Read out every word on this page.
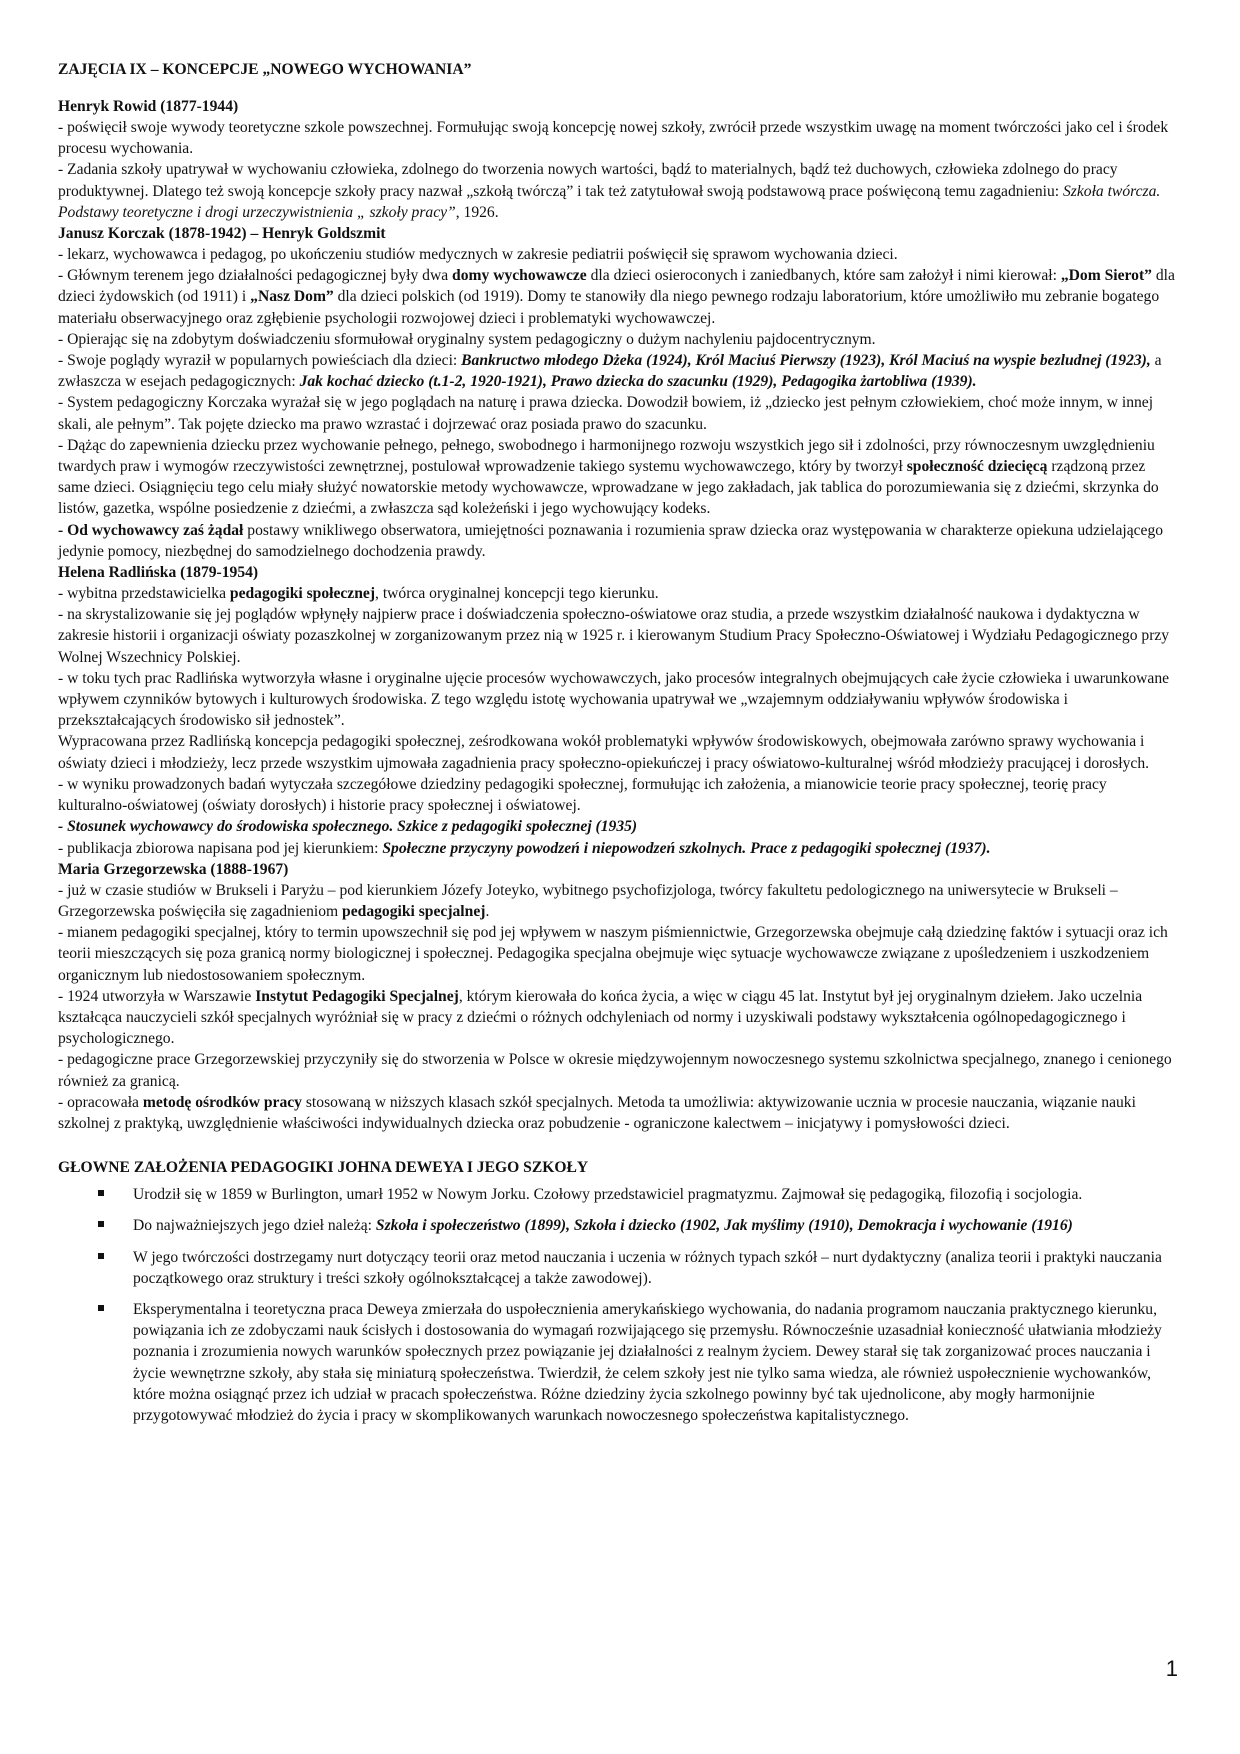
ZAJĘCIA IX – KONCEPCJE „NOWEGO WYCHOWANIA”
Henryk Rowid (1877-1944)

- poświęcił swoje wywody teoretyczne szkole powszechnej. Formułując swoją koncepcję nowej szkoły, zwrócił przede wszystkim uwagę na moment twórczości jako cel i środek procesu wychowania.

- Zadania szkoły upatrywał w wychowaniu człowieka, zdolnego do tworzenia nowych wartości, bądź to materialnych, bądź też duchowych, człowieka zdolnego do pracy produktywnej. Dlatego też swoją koncepcje szkoły pracy nazwał „szkołą twórczą” i tak też zatytułował swoją podstawową prace poświęconą temu zagadnieniu: Szkoła twórcza. Podstawy teoretyczne i drogi urzeczywistnienia „ szkoły pracy”, 1926.

Janusz Korczak (1878-1942) – Henryk Goldszmit

- lekarz, wychowawca i pedagog, po ukończeniu studiów medycznych w zakresie pediatrii poświęcił się sprawom wychowania dzieci.

- Głównym terenem jego działalności pedagogicznej były dwa domy wychowawcze dla dzieci osieroconych i zaniedbanych, które sam założył i nimi kierował: „Dom Sierot” dla dzieci żydowskich (od 1911) i „Nasz Dom” dla dzieci polskich (od 1919). Domy te stanowiły dla niego pewnego rodzaju laboratorium, które umożliwiło mu zebranie bogatego materiału obserwacyjnego oraz zgłębienie psychologii rozwojowej dzieci i problematyki wychowawczej.

- Opierając się na zdobytym doświadczeniu sformułował oryginalny system pedagogiczny o dużym nachyleniu pajdocentrycznym.

- Swoje poglądy wyraził w popularnych powieściach dla dzieci: Bankructwo młodego Dżeka (1924), Król Maciuś Pierwszy (1923), Król Maciuś na wyspie bezludnej (1923), a zwłaszcza w esejach pedagogicznych: Jak kochać dziecko (t.1-2, 1920-1921), Prawo dziecka do szacunku (1929), Pedagogika żartobliwa (1939).

- System pedagogiczny Korczaka wyrażał się w jego poglądach na naturę i prawa dziecka. Dowodził bowiem, iż „dziecko jest pełnym człowiekiem, choć może innym, w innej skali, ale pełnym”. Tak pojęte dziecko ma prawo wzrastać i dojrzewać oraz posiada prawo do szacunku.

- Dążąc do zapewnienia dziecku przez wychowanie pełnego, pełnego, swobodnego i harmonijnego rozwoju wszystkich jego sił i zdolności, przy równoczesnym uwzględnieniu twardych praw i wymogów rzeczywistości zewnętrznej, postulował wprowadzenie takiego systemu wychowawczego, który by tworzył społeczność dziecięcą rządzoną przez same dzieci. Osiągnięciu tego celu miały służyć nowatorskie metody wychowawcze, wprowadzane w jego zakładach, jak tablica do porozumiewania się z dziećmi, skrzynka do listów, gazetka, wspólne posiedzenie z dziećmi, a zwłaszcza sąd koleżeński i jego wychowujący kodeks.

- Od wychowawcy zaś żądał postawy wnikliwego obserwatora, umiejętności poznawania i rozumienia spraw dziecka oraz występowania w charakterze opiekuna udzielającego jedynie pomocy, niezbędnej do samodzielnego dochodzenia prawdy.

Helena Radlińska (1879-1954)

- wybitna przedstawicielka pedagogiki społecznej, twórca oryginalnej koncepcji tego kierunku.

- na skrystalizowanie się jej poglądów wpłynęły najpierw prace i doświadczenia społeczno-oświatowe oraz studia, a przede wszystkim działalność naukowa i dydaktyczna w zakresie historii i organizacji oświaty pozaszkolnej w zorganizowanym przez nią w 1925 r. i kierowanym Studium Pracy Społeczno-Oświatowej i Wydziału Pedagogicznego przy Wolnej Wszechnicy Polskiej.

- w toku tych prac Radlińska wytworzyła własne i oryginalne ujęcie procesów wychowawczych, jako procesów integralnych obejmujących całe życie człowieka i uwarunkowane wpływem czynników bytowych i kulturowych środowiska. Z tego względu istotę wychowania upatrywał we „wzajemnym oddziaływaniu wpływów środowiska i przekształcających środowisko sił jednostek”.

Wypracowana przez Radlińską koncepcja pedagogiki społecznej, ześrodkowana wokół problematyki wpływów środowiskowych, obejmowała zarówno sprawy wychowania i oświaty dzieci i młodzieży, lecz przede wszystkim ujmowała zagadnienia pracy społeczno-opiekuńczej i pracy oświatowo-kulturalnej wśród młodzieży pracującej i dorosłych.

- w wyniku prowadzonych badań wytyczała szczegółowe dziedziny pedagogiki społecznej, formułując ich założenia, a mianowicie teorie pracy społecznej, teorię pracy kulturalno-oświatowej (oświaty dorosłych) i historie pracy społecznej i oświatowej.

- Stosunek wychowawcy do środowiska społecznego. Szkice z pedagogiki społecznej (1935)

- publikacja zbiorowa napisana pod jej kierunkiem: Społeczne przyczyny powodzeń i niepowodzeń szkolnych. Prace z pedagogiki społecznej (1937).

Maria Grzegorzewska (1888-1967)

- już w czasie studiów w Brukseli i Paryżu – pod kierunkiem Józefy Joteyko, wybitnego psychofizjologa, twórcy fakultetu pedologicznego na uniwersytecie w Brukseli – Grzegorzewska poświęciła się zagadnieniom pedagogiki specjalnej.

- mianem pedagogiki specjalnej, który to termin upowszechnił się pod jej wpływem w naszym piśmiennictwie, Grzegorzewska obejmuje całą dziedzinę faktów i sytuacji oraz ich teorii mieszczących się poza granicą normy biologicznej i społecznej. Pedagogika specjalna obejmuje więc sytuacje wychowawcze związane z upośledzeniem i uszkodzeniem organicznym lub niedostosowaniem społecznym.

- 1924 utworzyła w Warszawie Instytut Pedagogiki Specjalnej, którym kierowała do końca życia, a więc w ciągu 45 lat. Instytut był jej oryginalnym dziełem. Jako uczelnia kształcąca nauczycieli szkół specjalnych wyróżniał się w pracy z dziećmi o różnych odchyleniach od normy i uzyskiwali podstawy wykształcenia ogólnopedagogicznego i psychologicznego.

- pedagogiczne prace Grzegorzewskiej przyczyniły się do stworzenia w Polsce w okresie międzywojennym nowoczesnego systemu szkolnictwa specjalnego, znanego i cenionego również za granicą.

- opracowała metodę ośrodków pracy stosowaną w niższych klasach szkół specjalnych. Metoda ta umożliwia: aktywizowanie ucznia w procesie nauczania, wiązanie nauki szkolnej z praktyką, uwzględnienie właściwości indywidualnych dziecka oraz pobudzenie - ograniczone kalectwem – inicjatywy i pomysłowości dzieci.

GŁOWNE ZAŁOŻENIA PEDAGOGIKI JOHNA DEWEYA I JEGO SZKOŁY
Urodził się w 1859 w Burlington, umarł 1952 w Nowym Jorku. Czołowy przedstawiciel pragmatyzmu. Zajmował się pedagogiką, filozofią i socjologia.
Do najważniejszych jego dzieł należą: Szkoła i społeczeństwo (1899), Szkoła i dziecko (1902, Jak myślimy (1910), Demokracja i wychowanie (1916)
W jego twórczości dostrzegamy nurt dotyczący teorii oraz metod nauczania i uczenia w różnych typach szkół – nurt dydaktyczny (analiza teorii i praktyki nauczania początkowego oraz struktury i treści szkoły ogólnokształcącej a także zawodowej).
Eksperymentalna i teoretyczna praca Deweya zmierzała do uspołecznienia amerykańskiego wychowania, do nadania programom nauczania praktycznego kierunku, powiązania ich ze zdobyczami nauk ścisłych i dostosowania do wymagań rozwijającego się przemysłu. Równocześnie uzasadniał konieczność ułatwiania młodzieży poznania i zrozumienia nowych warunków społecznych przez powiązanie jej działalności z realnym życiem. Dewey starał się tak zorganizować proces nauczania i życie wewnętrzne szkoły, aby stała się miniaturą społeczeństwa. Twierdził, że celem szkoły jest nie tylko sama wiedza, ale również uspołecznienie wychowanków, które można osiągnąć przez ich udział w pracach społeczeństwa. Różne dziedziny życia szkolnego powinny być tak ujednolicone, aby mogły harmonijnie przygotowywać młodzież do życia i pracy w skomplikowanych warunkach nowoczesnego społeczeństwa kapitalistycznego.
1
